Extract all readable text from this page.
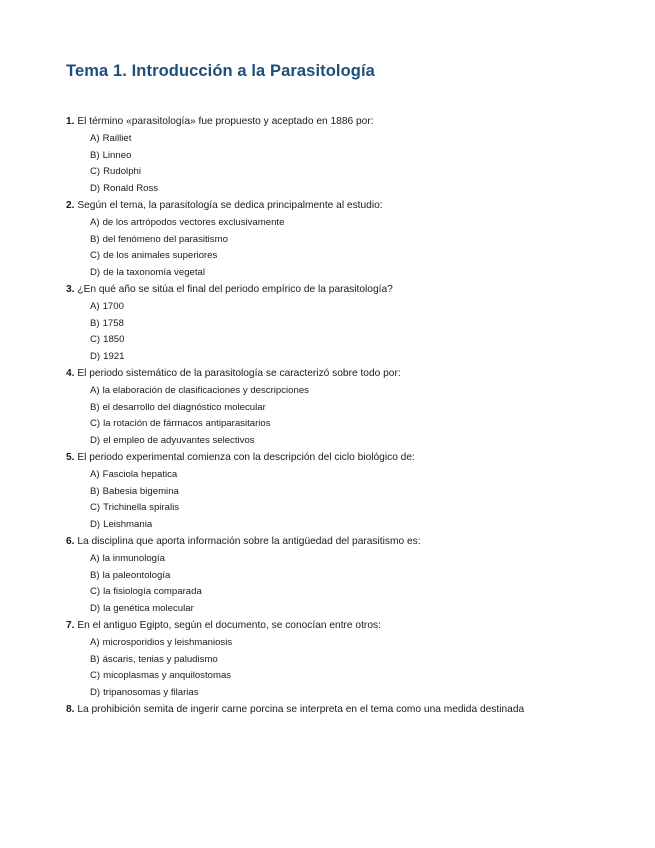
Tema 1. Introducción a la Parasitología
1. El término «parasitología» fue propuesto y aceptado en 1886 por:
A) Railliet
B) Linneo
C) Rudolphi
D) Ronald Ross
2. Según el tema, la parasitología se dedica principalmente al estudio:
A) de los artrópodos vectores exclusivamente
B) del fenómeno del parasitismo
C) de los animales superiores
D) de la taxonomía vegetal
3. ¿En qué año se sitúa el final del periodo empírico de la parasitología?
A) 1700
B) 1758
C) 1850
D) 1921
4. El periodo sistemático de la parasitología se caracterizó sobre todo por:
A) la elaboración de clasificaciones y descripciones
B) el desarrollo del diagnóstico molecular
C) la rotación de fármacos antiparasitarios
D) el empleo de adyuvantes selectivos
5. El periodo experimental comienza con la descripción del ciclo biológico de:
A) Fasciola hepatica
B) Babesia bigemina
C) Trichinella spiralis
D) Leishmania
6. La disciplina que aporta información sobre la antigüedad del parasitismo es:
A) la inmunología
B) la paleontología
C) la fisiología comparada
D) la genética molecular
7. En el antiguo Egipto, según el documento, se conocían entre otros:
A) microsporidios y leishmaniosis
B) áscaris, tenias y paludismo
C) micoplasmas y anquilostomas
D) tripanosomas y filarias
8. La prohibición semita de ingerir carne porcina se interpreta en el tema como una medida destinada
